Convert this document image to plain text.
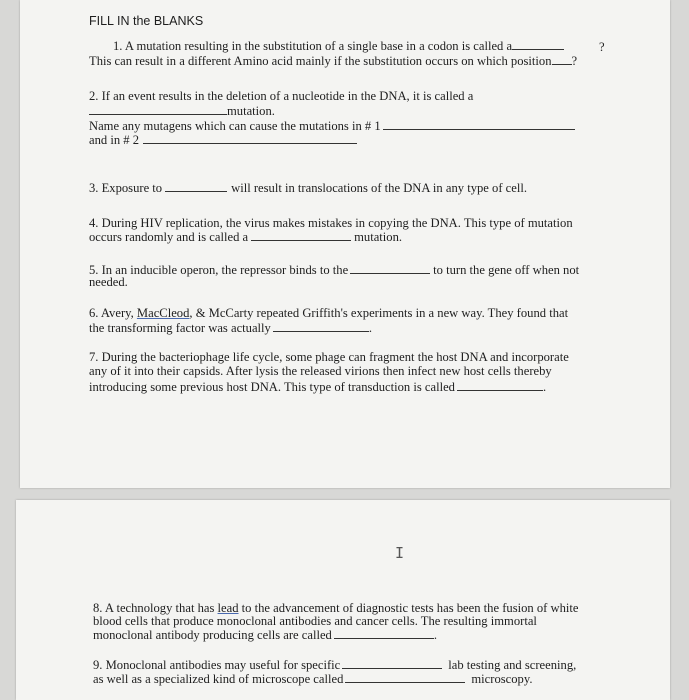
FILL IN the BLANKS
1. A mutation resulting in the substitution of a single base in a codon is called a	?
This can result in a different Amino acid mainly if the substitution occurs on which position ?
2. If an event results in the deletion of a nucleotide in the DNA, it is called a
mutation.
Name any mutagens which can cause the mutations in # 1
and in # 2
3. Exposure to	will result in translocations of the DNA in any type of cell.
4. During HIV replication, the virus makes mistakes in copying the DNA. This type of mutation
occurs randomly and is called a	mutation.
5. In an inducible operon, the repressor binds to the	to turn the gene off when not
needed.
6. Avery, MacCleod, & McCarty repeated Griffith's experiments in a new way. They found that
the transforming factor was actually	.
7. During the bacteriophage life cycle, some phage can fragment the host DNA and incorporate
any of it into their capsids. After lysis the released virions then infect new host cells thereby
introducing some previous host DNA. This type of transduction is called	.
I
8. A technology that has lead to the advancement of diagnostic tests has been the fusion of white
blood cells that produce monoclonal antibodies and cancer cells. The resulting immortal
monoclonal antibody producing cells are called	.
9. Monoclonal antibodies may useful for specific	lab testing and screening,
as well as a specialized kind of microscope called	microscopy.
